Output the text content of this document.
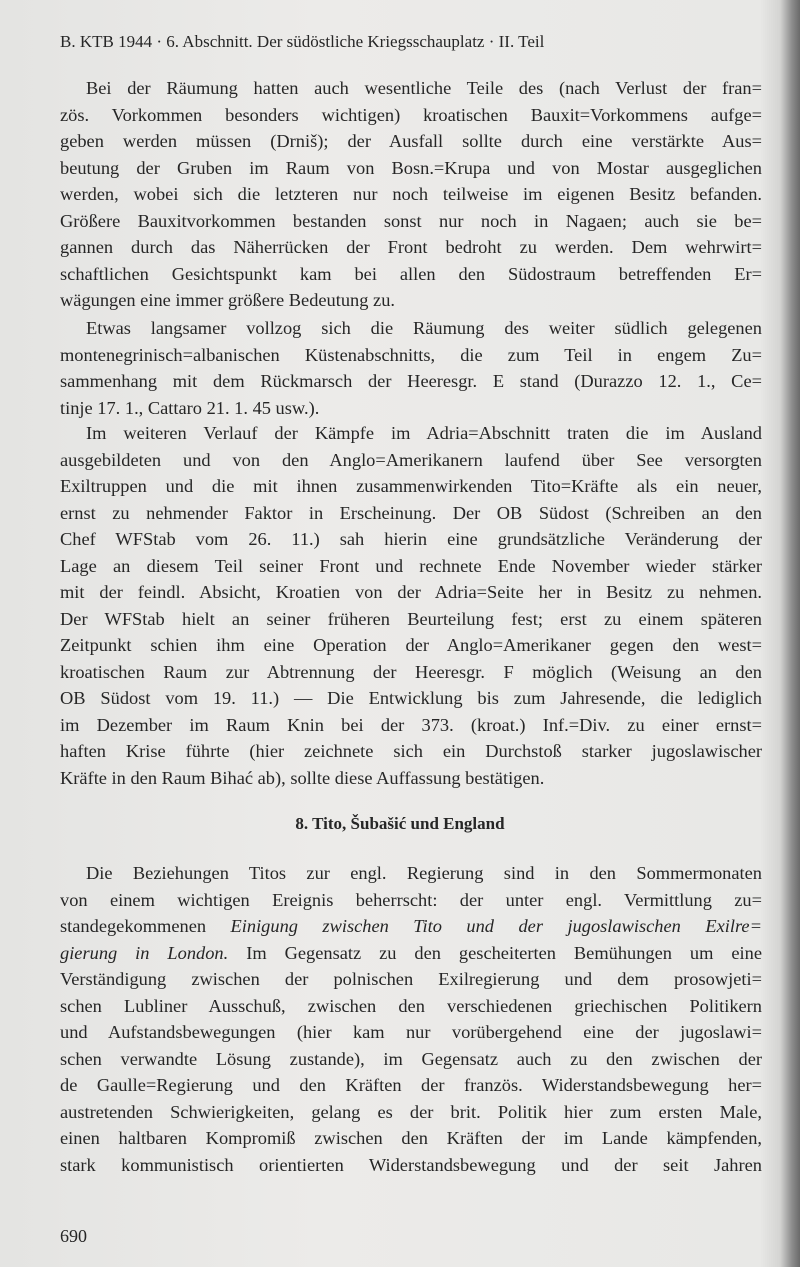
B. KTB 1944 · 6. Abschnitt. Der südöstliche Kriegsschauplatz · II. Teil
Bei der Räumung hatten auch wesentliche Teile des (nach Verlust der fran=
zös. Vorkommen besonders wichtigen) kroatischen Bauxit=Vorkommens aufge=
geben werden müssen (Drniš); der Ausfall sollte durch eine verstärkte Aus=
beutung der Gruben im Raum von Bosn.=Krupa und von Mostar ausgeglichen
werden, wobei sich die letzteren nur noch teilweise im eigenen Besitz befanden.
Größere Bauxitvorkommen bestanden sonst nur noch in Nagaen; auch sie be=
gannen durch das Näherrücken der Front bedroht zu werden. Dem wehrwirt=
schaftlichen Gesichtspunkt kam bei allen den Südostraum betreffenden Er=
wägungen eine immer größere Bedeutung zu.
Etwas langsamer vollzog sich die Räumung des weiter südlich gelegenen
montenegrinisch=albanischen Küstenabschnitts, die zum Teil in engem Zu=
sammenhang mit dem Rückmarsch der Heeresgr. E stand (Durazzo 12. 1., Ce=
tinje 17. 1., Cattaro 21. 1. 45 usw.).
Im weiteren Verlauf der Kämpfe im Adria=Abschnitt traten die im Ausland
ausgebildeten und von den Anglo=Amerikanern laufend über See versorgten
Exiltruppen und die mit ihnen zusammenwirkenden Tito=Kräfte als ein neuer,
ernst zu nehmender Faktor in Erscheinung. Der OB Südost (Schreiben an den
Chef WFStab vom 26. 11.) sah hierin eine grundsätzliche Veränderung der
Lage an diesem Teil seiner Front und rechnete Ende November wieder stärker
mit der feindl. Absicht, Kroatien von der Adria=Seite her in Besitz zu nehmen.
Der WFStab hielt an seiner früheren Beurteilung fest; erst zu einem späteren
Zeitpunkt schien ihm eine Operation der Anglo=Amerikaner gegen den west=
kroatischen Raum zur Abtrennung der Heeresgr. F möglich (Weisung an den
OB Südost vom 19. 11.) — Die Entwicklung bis zum Jahresende, die lediglich
im Dezember im Raum Knin bei der 373. (kroat.) Inf.=Div. zu einer ernst=
haften Krise führte (hier zeichnete sich ein Durchstoß starker jugoslawischer
Kräfte in den Raum Bihać ab), sollte diese Auffassung bestätigen.
8. Tito, Šubašić und England
Die Beziehungen Titos zur engl. Regierung sind in den Sommermonaten
von einem wichtigen Ereignis beherrscht: der unter engl. Vermittlung zu=
standegekommenen Einigung zwischen Tito und der jugoslawischen Exilre=
gierung in London. Im Gegensatz zu den gescheiterten Bemühungen um eine
Verständigung zwischen der polnischen Exilregierung und dem prosowjeti=
schen Lubliner Ausschuß, zwischen den verschiedenen griechischen Politikern
und Aufstandsbewegungen (hier kam nur vorübergehend eine der jugoslawi=
schen verwandte Lösung zustande), im Gegensatz auch zu den zwischen der
de Gaulle=Regierung und den Kräften der französ. Widerstandsbewegung her=
austretenden Schwierigkeiten, gelang es der brit. Politik hier zum ersten Male,
einen haltbaren Kompromiß zwischen den Kräften der im Lande kämpfenden,
stark kommunistisch orientierten Widerstandsbewegung und der seit Jahren
690
